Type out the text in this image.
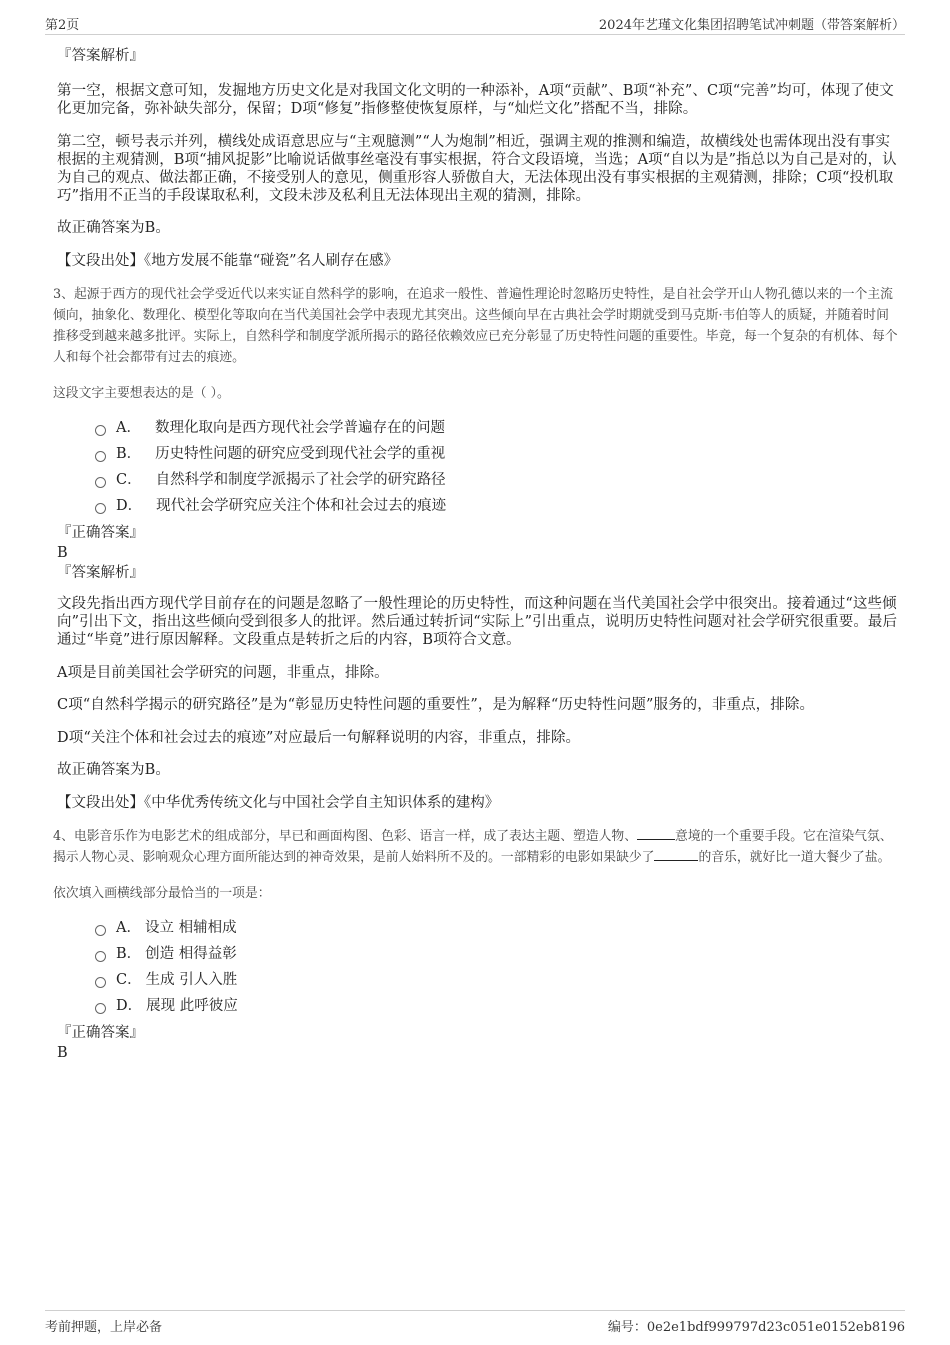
第2页	2024年艺瑾文化集团招聘笔试冲刺题（带答案解析）
『答案解析』

第一空，根据文意可知，发掘地方历史文化是对我国文化文明的一种添补，A项“贡献”、B项“补充”、C项“完善”均可，体现了使文化更加完备，弥补缺失部分，保留；D项“修复”指修整使恢复原样，与“灿烂文化”搭配不当，排除。

第二空，顿号表示并列，横线处成语意思应与“主观臆测”“人为炮制”相近，强调主观的推测和编造，故横线处也需体现出没有事实根据的主观猜测，B项“捕风捉影”比喻说话做事丝毫没有事实根据，符合文段语境，当选；A项“自以为是”指总以为自己是对的，认为自己的观点、做法都正确，不接受别人的意见，侧重形容人骄傲自大，无法体现出没有事实根据的主观猜测，排除；C项“投机取巧”指用不正当的手段谋取私利，文段未涉及私利且无法体现出主观的猜测，排除。

故正确答案为B。

【文段出处】《地方发展不能靠“碰瓷”名人刷存在感》

3、起源于西方的现代社会学受近代以来实证自然科学的影响，在追求一般性、普遍性理论时忽略历史特性，是自社会学开山人物孔德以来的一个主流倾向，抽象化、数理化、模型化等取向在当代美国社会学中表现尤其突出。这些倾向早在古典社会学时期就受到马克斯·韦伯等人的质疑，并随着时间推移受到越来越多批评。实际上，自然科学和制度学派所揭示的路径依赖效应已充分彰显了历史特性问题的重要性。毕竟，每一个复杂的有机体、每个人和每个社会都带有过去的痕迹。

这段文字主要想表达的是（ ）。

A． 数理化取向是西方现代社会学普遍存在的问题
B． 历史特性问题的研究应受到现代社会学的重视
C． 自然科学和制度学派揭示了社会学的研究路径
D． 现代社会学研究应关注个体和社会过去的痕迹
『正确答案』
B
『答案解析』

文段先指出西方现代学目前存在的问题是忽略了一般性理论的历史特性，而这种问题在当代美国社会学中很突出。接着通过“这些倾向”引出下文，指出这些倾向受到很多人的批评。然后通过转折词“实际上”引出重点，说明历史特性问题对社会学研究很重要。最后通过“毕竟”进行原因解释。文段重点是转折之后的内容，B项符合文意。

A项是目前美国社会学研究的问题，非重点，排除。

C项“自然科学揭示的研究路径”是为“彰显历史特性问题的重要性”，是为解释“历史特性问题”服务的，非重点，排除。

D项“关注个体和社会过去的痕迹”对应最后一句解释说明的内容，非重点，排除。

故正确答案为B。

【文段出处】《中华优秀传统文化与中国社会学自主知识体系的建构》

4、电影音乐作为电影艺术的组成部分，早已和画面构图、色彩、语言一样，成了表达主题、塑造人物、	意境的一个重要手段。它在渲染气氛、揭示人物心灵、影响观众心理方面所能达到的神奇效果，是前人始料所不及的。一部精彩的电影如果缺少了	的音乐，就好比一道大餐少了盐。

依次填入画横线部分最恰当的一项是：

A． 设立 相辅相成
B． 创造 相得益彰
C． 生成 引人入胜
D． 展现 此呼彼应
『正确答案』
B
考前押题，上岸必备	编号：0e2e1bdf999797d23c051e0152eb8196
